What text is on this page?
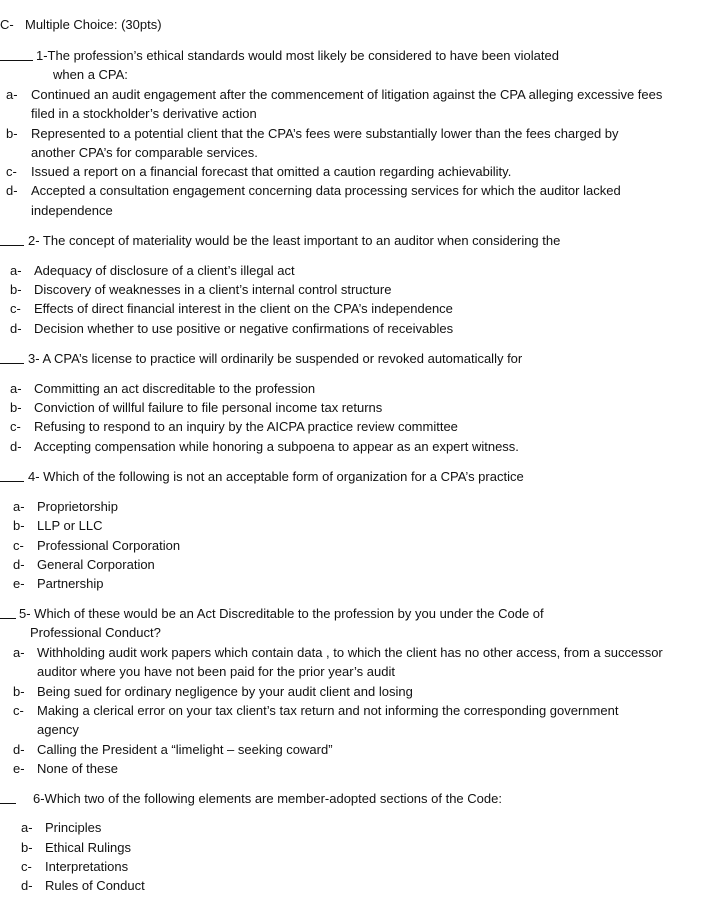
C- Multiple Choice: (30pts)
1-The profession’s ethical standards would most likely be considered to have been violated
when a CPA:
a- Continued an audit engagement after the commencement of litigation against the CPA alleging excessive fees
filed in a stockholder’s derivative action
b- Represented to a potential client that the CPA’s fees were substantially lower than the fees charged by
another CPA’s for comparable services.
c- Issued a report on a financial forecast that omitted a caution regarding achievability.
d- Accepted a consultation engagement concerning data processing services for which the auditor lacked
independence
2- The concept of materiality would be the least important to an auditor when considering the
a- Adequacy of disclosure of a client’s illegal act
b- Discovery of weaknesses in a client’s internal control structure
c- Effects of direct financial interest in the client on the CPA’s independence
d- Decision whether to use positive or negative confirmations of receivables
3- A CPA’s license to practice will ordinarily be suspended or revoked automatically for
a- Committing an act discreditable to the profession
b- Conviction of willful failure to file personal income tax returns
c- Refusing to respond to an inquiry by the AICPA practice review committee
d- Accepting compensation while honoring a subpoena to appear as an expert witness.
4- Which of the following is not an acceptable form of organization for a CPA’s practice
a- Proprietorship
b- LLP or LLC
c- Professional Corporation
d- General Corporation
e- Partnership
5- Which of these would be an Act Discreditable to the profession by you under the Code of
Professional Conduct?
a- Withholding audit work papers which contain data , to which the client has no other access, from a successor
auditor where you have not been paid for the prior year’s audit
b- Being sued for ordinary negligence by your audit client and losing
c- Making a clerical error on your tax client’s tax return and not informing the corresponding government
agency
d- Calling the President a “limelight – seeking coward”
e- None of these
6-Which two of the following elements are member-adopted sections of the Code:
a- Principles
b- Ethical Rulings
c- Interpretations
d- Rules of Conduct
